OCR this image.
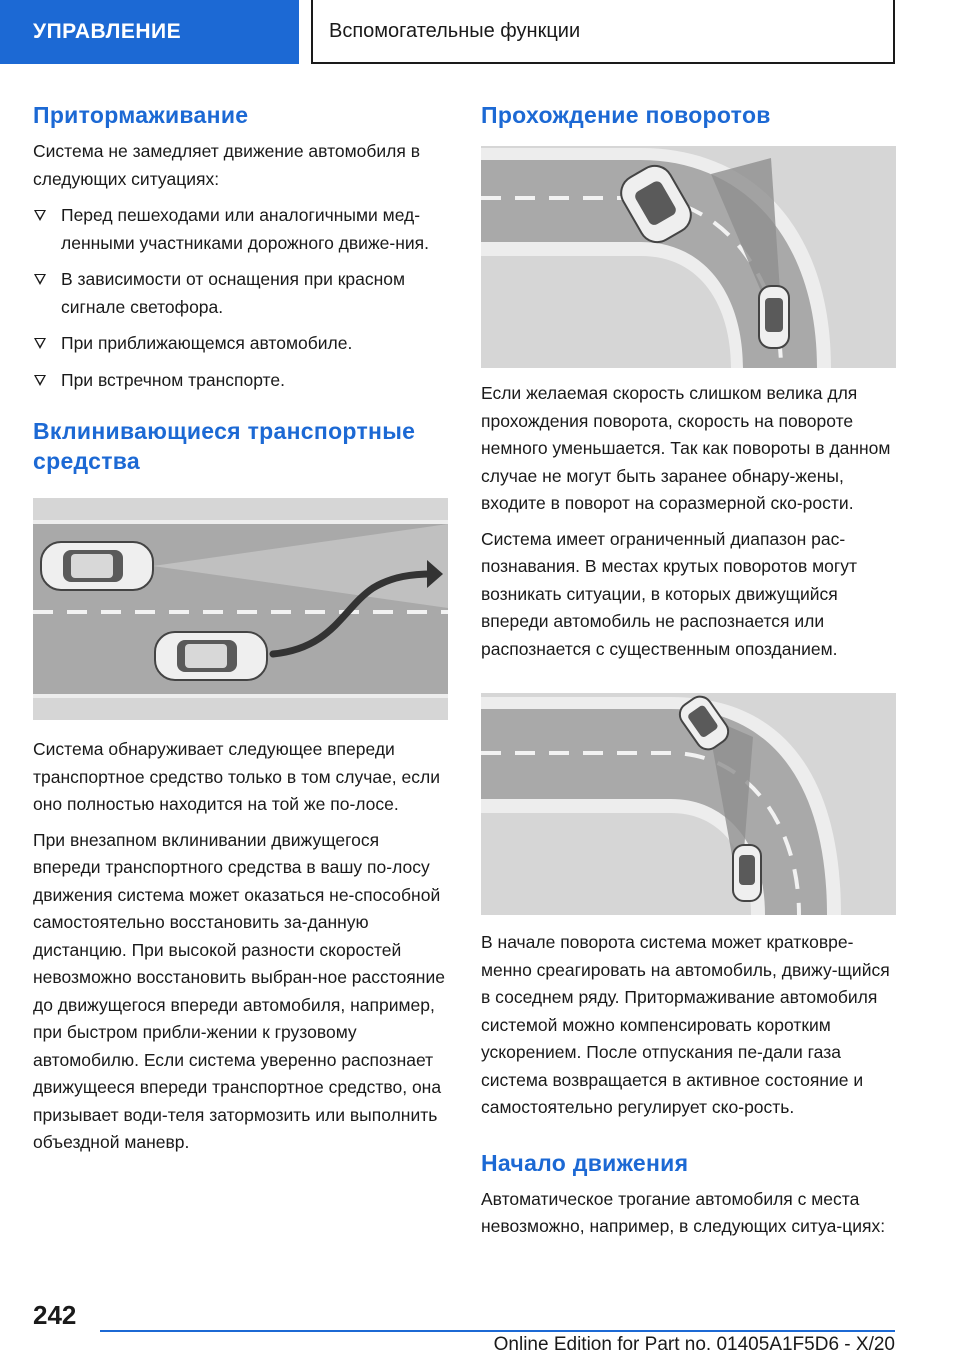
УПРАВЛЕНИЕ	Вспомогательные функции
Притормаживание

Система не замедляет движение автомобиля в следующих ситуациях:

Перед пешеходами или аналогичными мед-ленными участниками дорожного движе-ния.
В зависимости от оснащения при красном сигнале светофора.
При приближающемся автомобиле.
При встречном транспорте.
Вклинивающиеся транспортные средства

Система обнаруживает следующее впереди транспортное средство только в том случае, если оно полностью находится на той же по-лосе.

При внезапном вклинивании движущегося впереди транспортного средства в вашу по-лосу движения система может оказаться не-способной самостоятельно восстановить за-данную дистанцию. При высокой разности скоростей невозможно восстановить выбран-ное расстояние до движущегося впереди автомобиля, например, при быстром прибли-жении к грузовому автомобилю. Если система уверенно распознает движущееся впереди транспортное средство, она призывает води-теля затормозить или выполнить объездной маневр.

Прохождение поворотов

Если желаемая скорость слишком велика для прохождения поворота, скорость на повороте немного уменьшается. Так как повороты в данном случае не могут быть заранее обнару-жены, входите в поворот на соразмерной ско-рости.

Система имеет ограниченный диапазон рас-познавания. В местах крутых поворотов могут возникать ситуации, в которых движущийся впереди автомобиль не распознается или распознается с существенным опозданием.

В начале поворота система может кратковре-менно среагировать на автомобиль, движу-щийся в соседнем ряду. Притормаживание автомобиля системой можно компенсировать коротким ускорением. После отпускания пе-дали газа система возвращается в активное состояние и самостоятельно регулирует ско-рость.

Начало движения

Автоматическое трогание автомобиля с места невозможно, например, в следующих ситуа-циях:

242
Online Edition for Part no. 01405A1F5D6 - X/20
